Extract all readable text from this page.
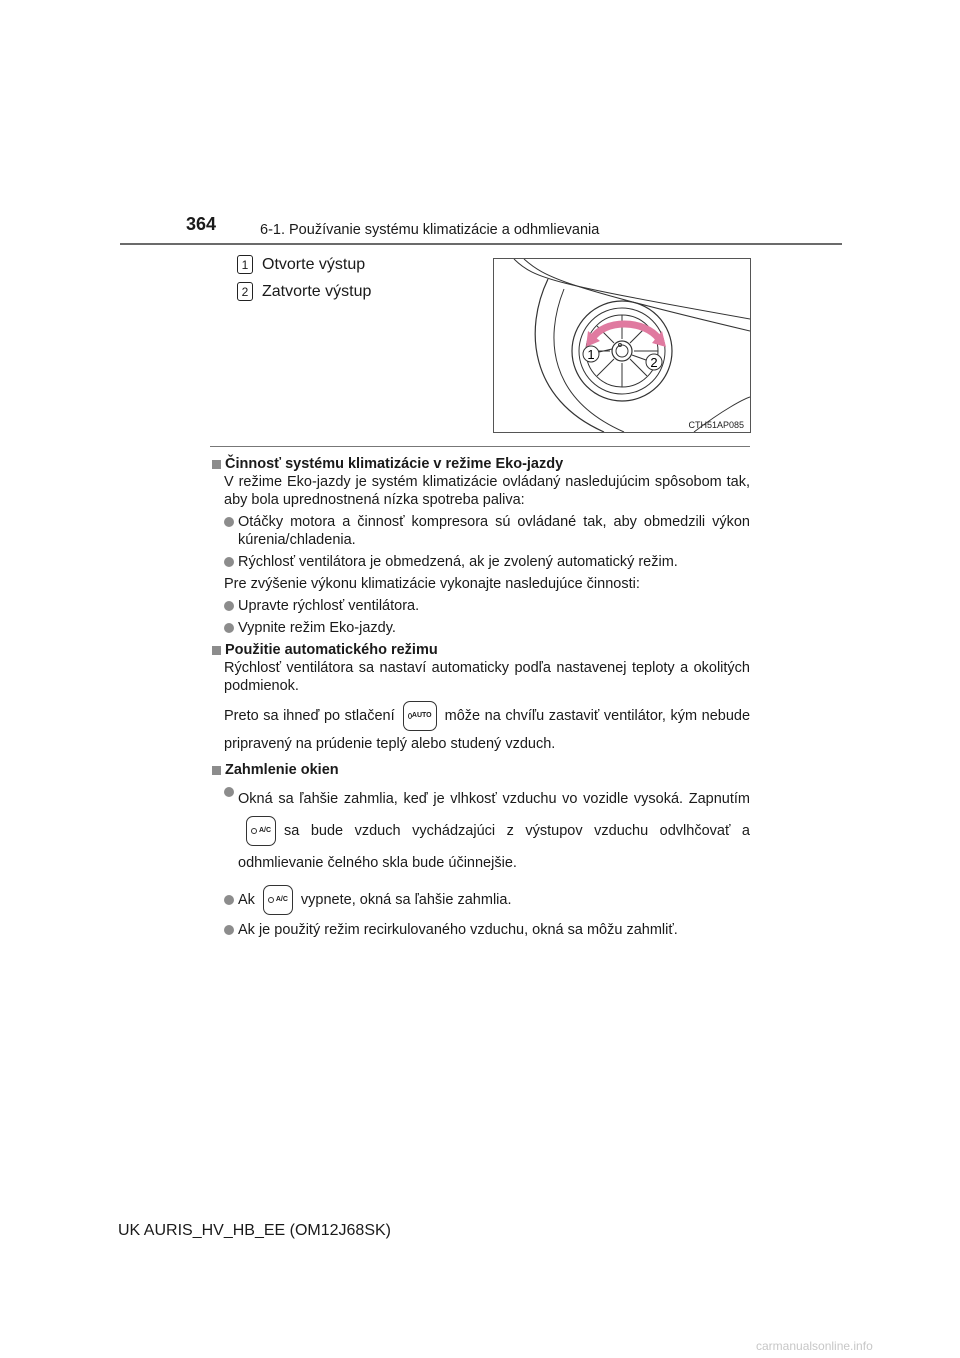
364	6-1. Používanie systému klimatizácie a odhmlievania
1 Otvorte výstup
2 Zatvorte výstup
1
2
CTH51AP085
Činnosť systému klimatizácie v režime Eko-jazdy
V režime Eko-jazdy je systém klimatizácie ovládaný nasledujúcim spôsobom tak, aby bola uprednostnená nízka spotreba paliva:
Otáčky motora a činnosť kompresora sú ovládané tak, aby obmedzili výkon kúrenia/chladenia.
Rýchlosť ventilátora je obmedzená, ak je zvolený automatický režim.
Pre zvýšenie výkonu klimatizácie vykonajte nasledujúce činnosti:
Upravte rýchlosť ventilátora.
Vypnite režim Eko-jazdy.
Použitie automatického režimu
Rýchlosť ventilátora sa nastaví automaticky podľa nastavenej teploty a okolitých podmienok.
Preto sa ihneď po stlačení AUTO môže na chvíľu zastaviť ventilátor, kým nebude pripravený na prúdenie teplý alebo studený vzduch.
Zahmlenie okien
Okná sa ľahšie zahmlia, keď je vlhkosť vzduchu vo vozidle vysoká. Zapnutím
A/C sa bude vzduch vychádzajúci z výstupov vzduchu odvlhčovať a odhmlievanie čelného skla bude účinnejšie.
Ak	A/C vypnete, okná sa ľahšie zahmlia.
Ak je použitý režim recirkulovaného vzduchu, okná sa môžu zahmliť.
UK AURIS_HV_HB_EE (OM12J68SK)
carmanualsonline.info
